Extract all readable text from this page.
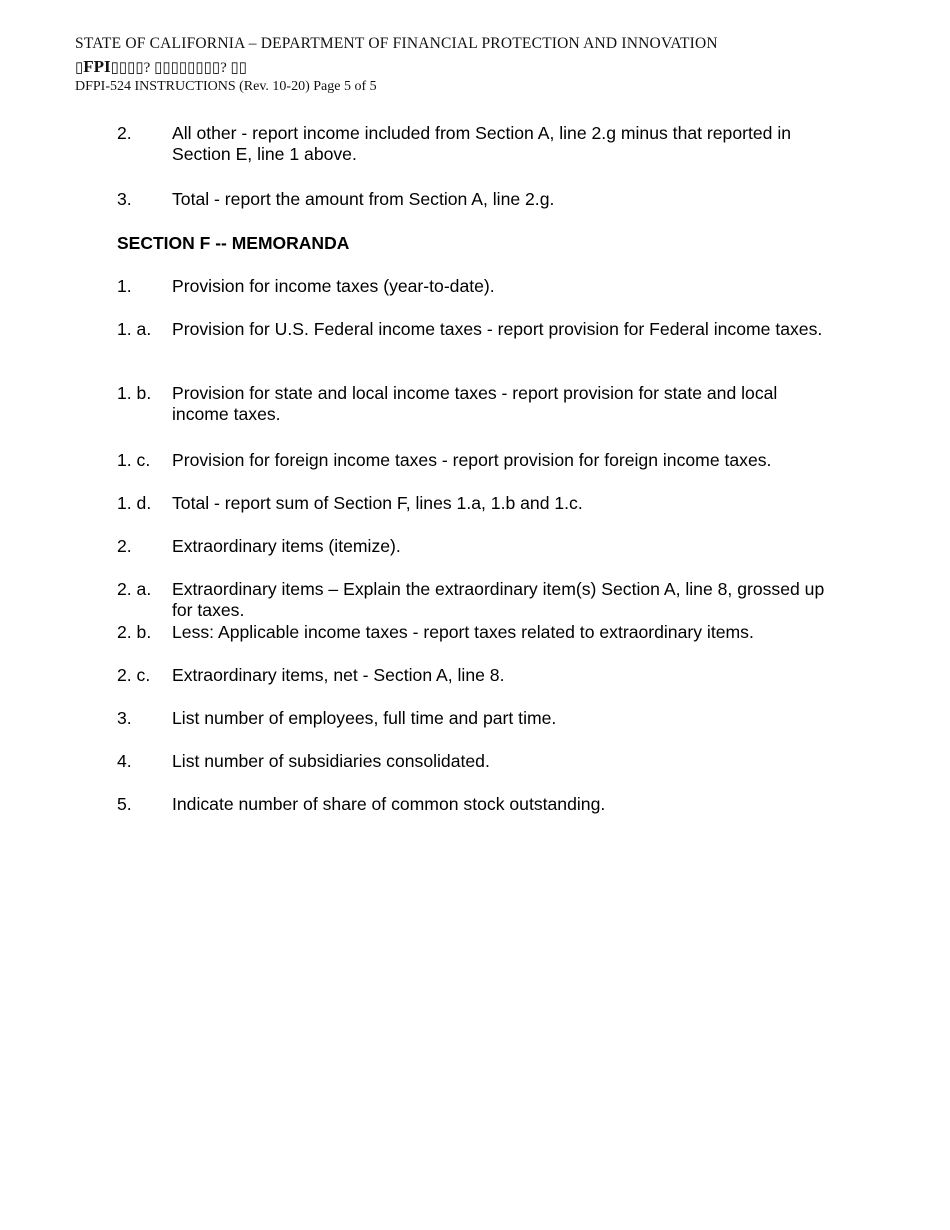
STATE OF CALIFORNIA – DEPARTMENT OF FINANCIAL PROTECTION AND INNOVATION
▯FPI▯▯▯▯? ▯▯▯▯▯▯▯▯? ▯▯
DFPI-524 INSTRUCTIONS (Rev. 10-20) Page 5 of 5
2. All other - report income included from Section A, line 2.g minus that reported in Section E, line 1 above.
3. Total - report the amount from Section A, line 2.g.
SECTION F -- MEMORANDA
1. Provision for income taxes (year-to-date).
1. a. Provision for U.S. Federal income taxes - report provision for Federal income taxes.
1. b. Provision for state and local income taxes - report provision for state and local income taxes.
1. c. Provision for foreign income taxes - report provision for foreign income taxes.
1. d. Total - report sum of Section F, lines 1.a, 1.b and 1.c.
2. Extraordinary items (itemize).
2. a. Extraordinary items – Explain the extraordinary item(s) Section A, line 8, grossed up for taxes.
2. b. Less: Applicable income taxes - report taxes related to extraordinary items.
2. c. Extraordinary items, net - Section A, line 8.
3. List number of employees, full time and part time.
4. List number of subsidiaries consolidated.
5. Indicate number of share of common stock outstanding.
